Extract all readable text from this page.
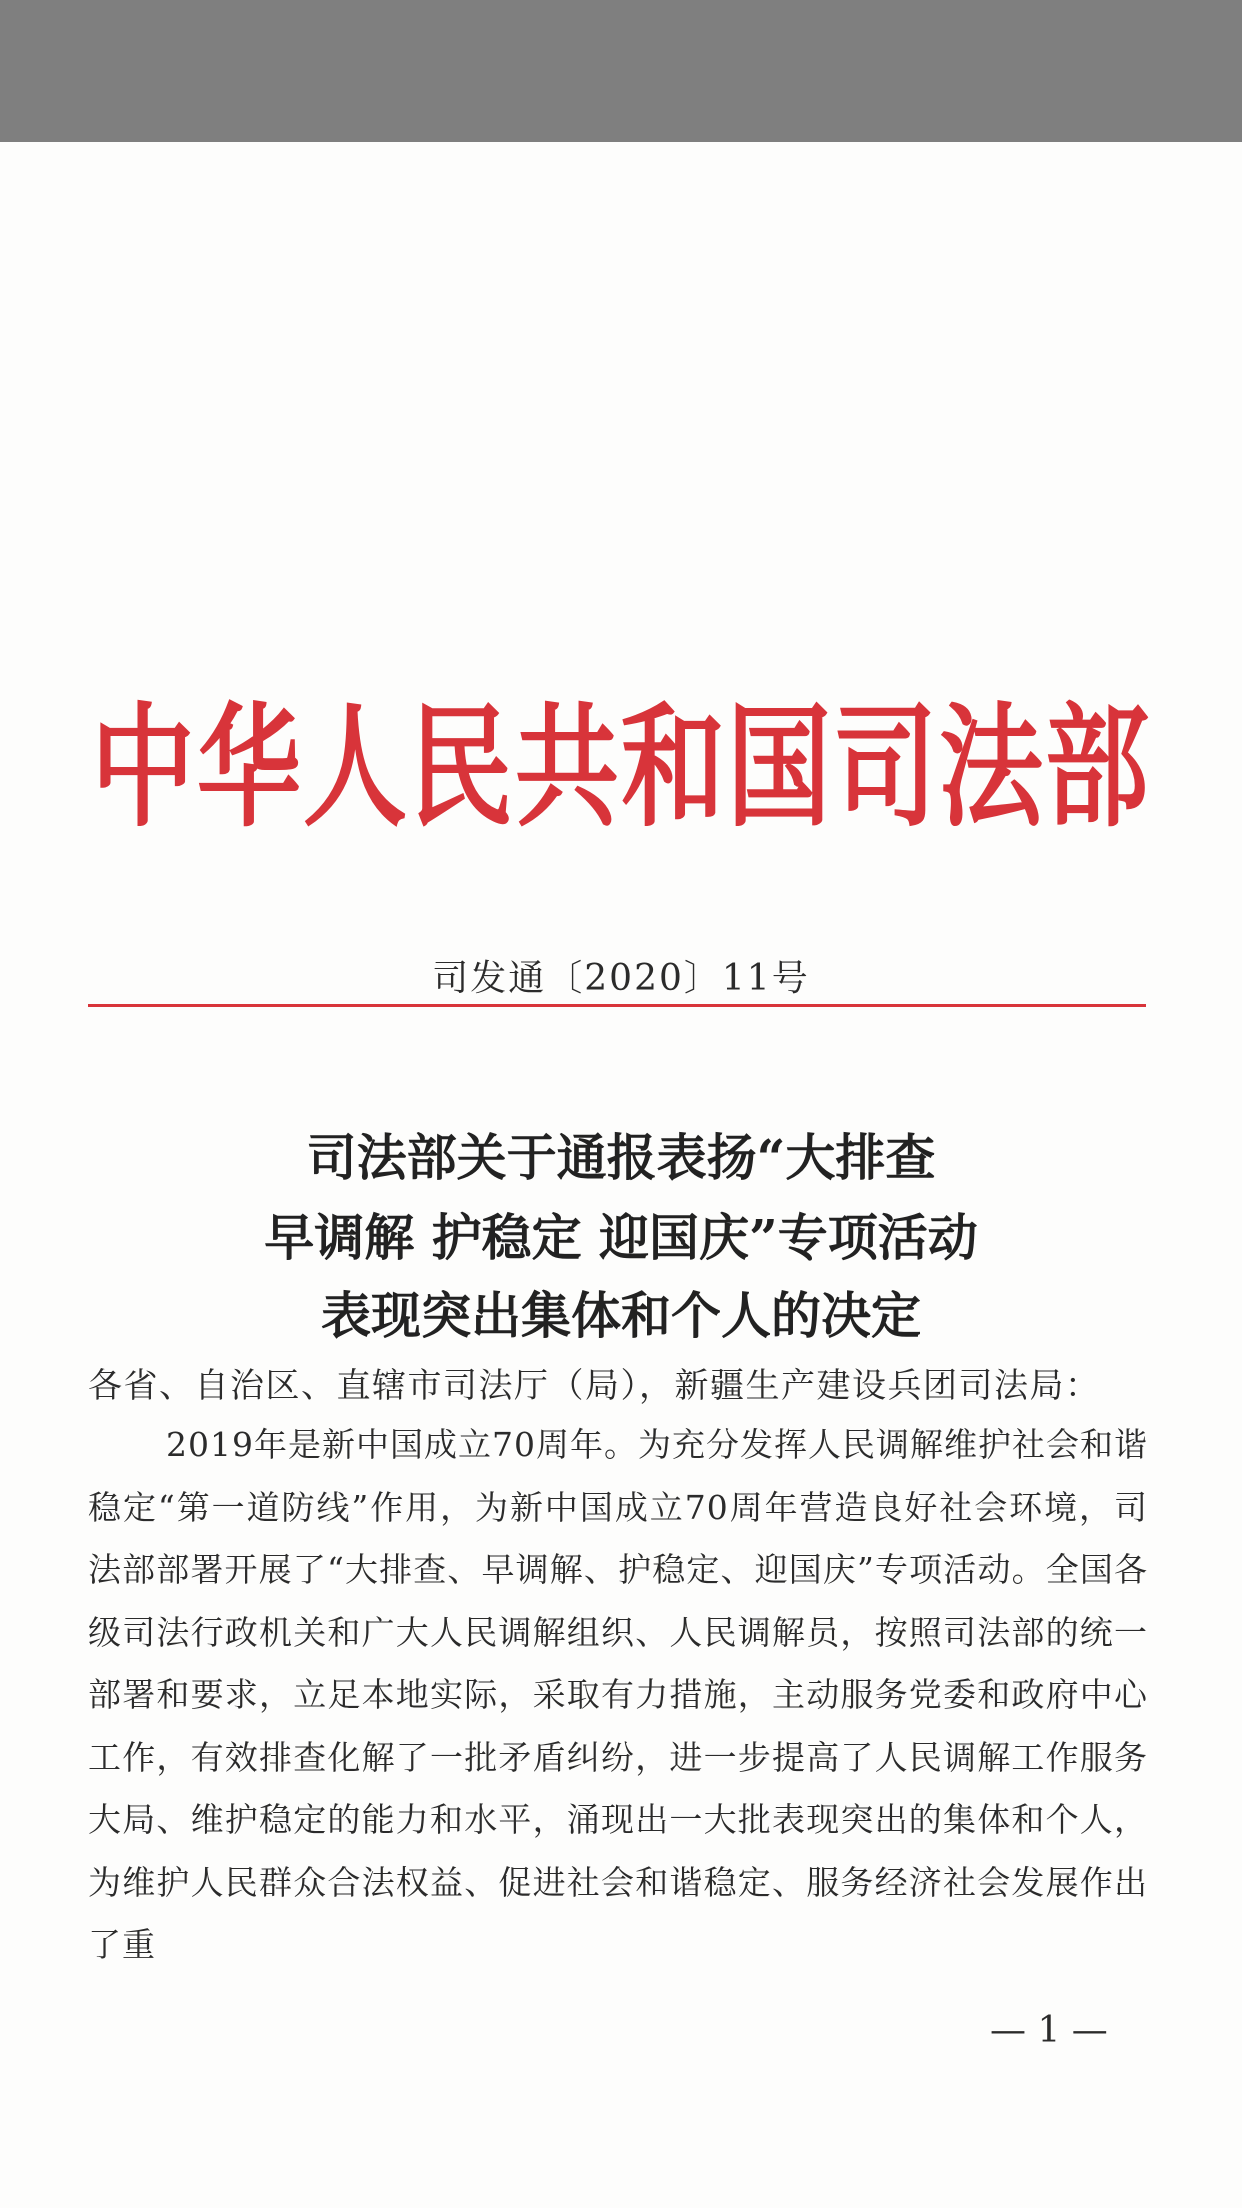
中华人民共和国司法部
司发通〔2020〕11号
司法部关于通报表扬“大排查
早调解 护稳定 迎国庆”专项活动
表现突出集体和个人的决定
各省、自治区、直辖市司法厅（局），新疆生产建设兵团司法局：

2019年是新中国成立70周年。为充分发挥人民调解维护社会和谐稳定“第一道防线”作用，为新中国成立70周年营造良好社会环境，司法部部署开展了“大排查、早调解、护稳定、迎国庆”专项活动。全国各级司法行政机关和广大人民调解组织、人民调解员，按照司法部的统一部署和要求，立足本地实际，采取有力措施，主动服务党委和政府中心工作，有效排查化解了一批矛盾纠纷，进一步提高了人民调解工作服务大局、维护稳定的能力和水平，涌现出一大批表现突出的集体和个人，为维护人民群众合法权益、促进社会和谐稳定、服务经济社会发展作出了重

— 1 —
